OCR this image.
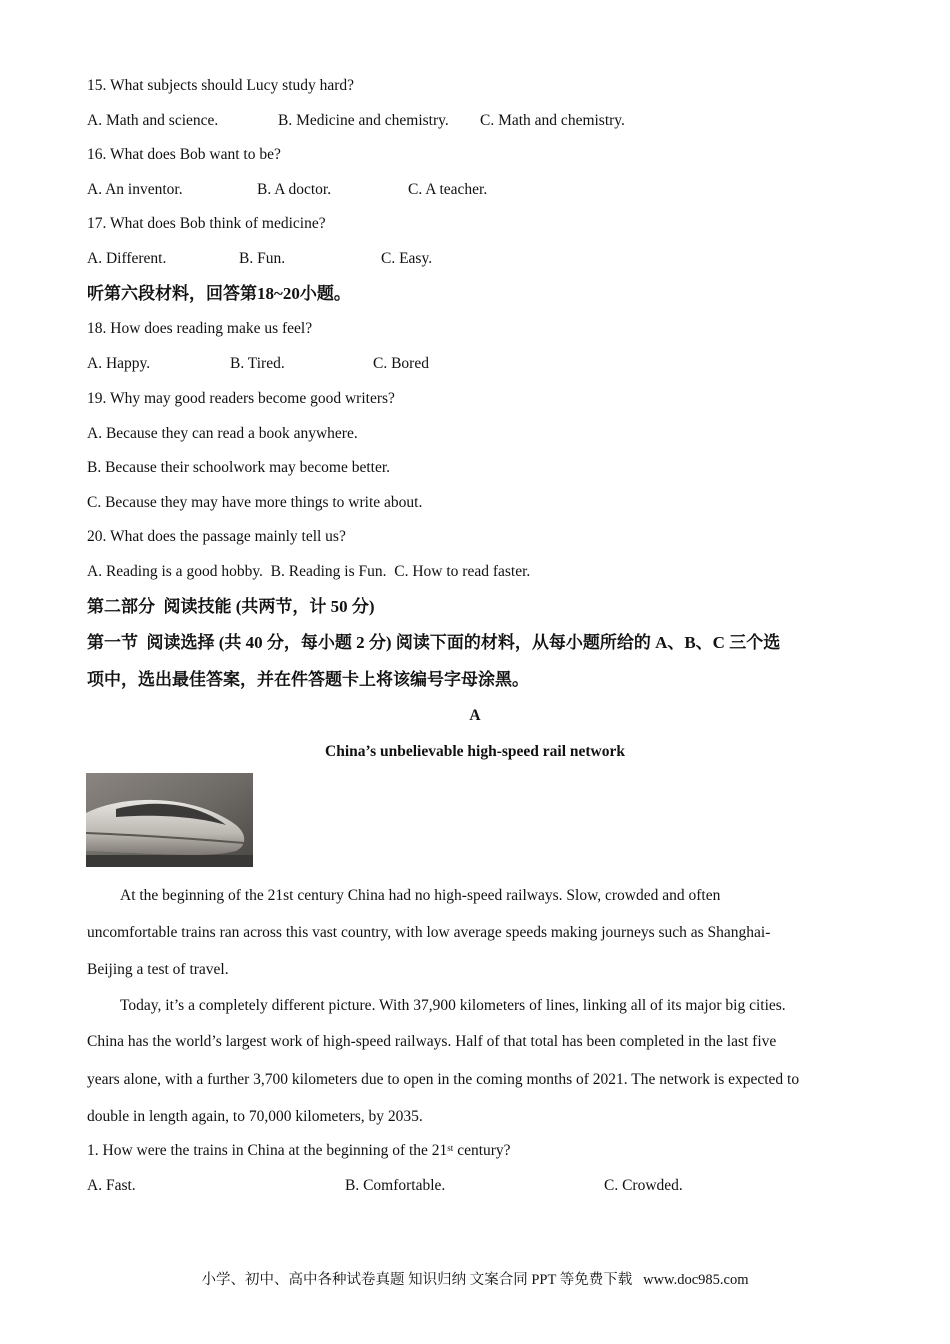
15. What subjects should Lucy study hard?
A. Math and science.	B. Medicine and chemistry. C. Math and chemistry.
16. What does Bob want to be?
A. An inventor.	B. A doctor.	C. A teacher.
17. What does Bob think of medicine?
A. Different.	B. Fun.	C. Easy.
听第六段材料，回答第18~20小题。
18. How does reading make us feel?
A. Happy.	B. Tired.	C. Bored
19. Why may good readers become good writers?
A. Because they can read a book anywhere.
B. Because their schoolwork may become better.
C. Because they may have more things to write about.
20. What does the passage mainly tell us?
A. Reading is a good hobby.  B. Reading is Fun.  C. How to read faster.
第二部分  阅读技能 (共两节，计 50 分)
第一节  阅读选择 (共 40 分，每小题 2 分) 阅读下面的材料，从每小题所给的 A、B、C 三个选
项中，选出最佳答案，并在件答题卡上将该编号字母涂黑。
A
China’s unbelievable high-speed rail network
At the beginning of the 21st century China had no high-speed railways. Slow, crowded and often
uncomfortable trains ran across this vast country, with low average speeds making journeys such as Shanghai-
Beijing a test of travel.
Today, it’s a completely different picture. With 37,900 kilometers of lines, linking all of its major big cities.
China has the world’s largest work of high-speed railways. Half of that total has been completed in the last five
years alone, with a further 3,700 kilometers due to open in the coming months of 2021. The network is expected to
double in length again, to 70,000 kilometers, by 2035.
1. How were the trains in China at the beginning of the 21st century?
A. Fast.	B. Comfortable.	C. Crowded.
小学、初中、高中各种试卷真题 知识归纳 文案合同 PPT 等免费下载   www.doc985.com
